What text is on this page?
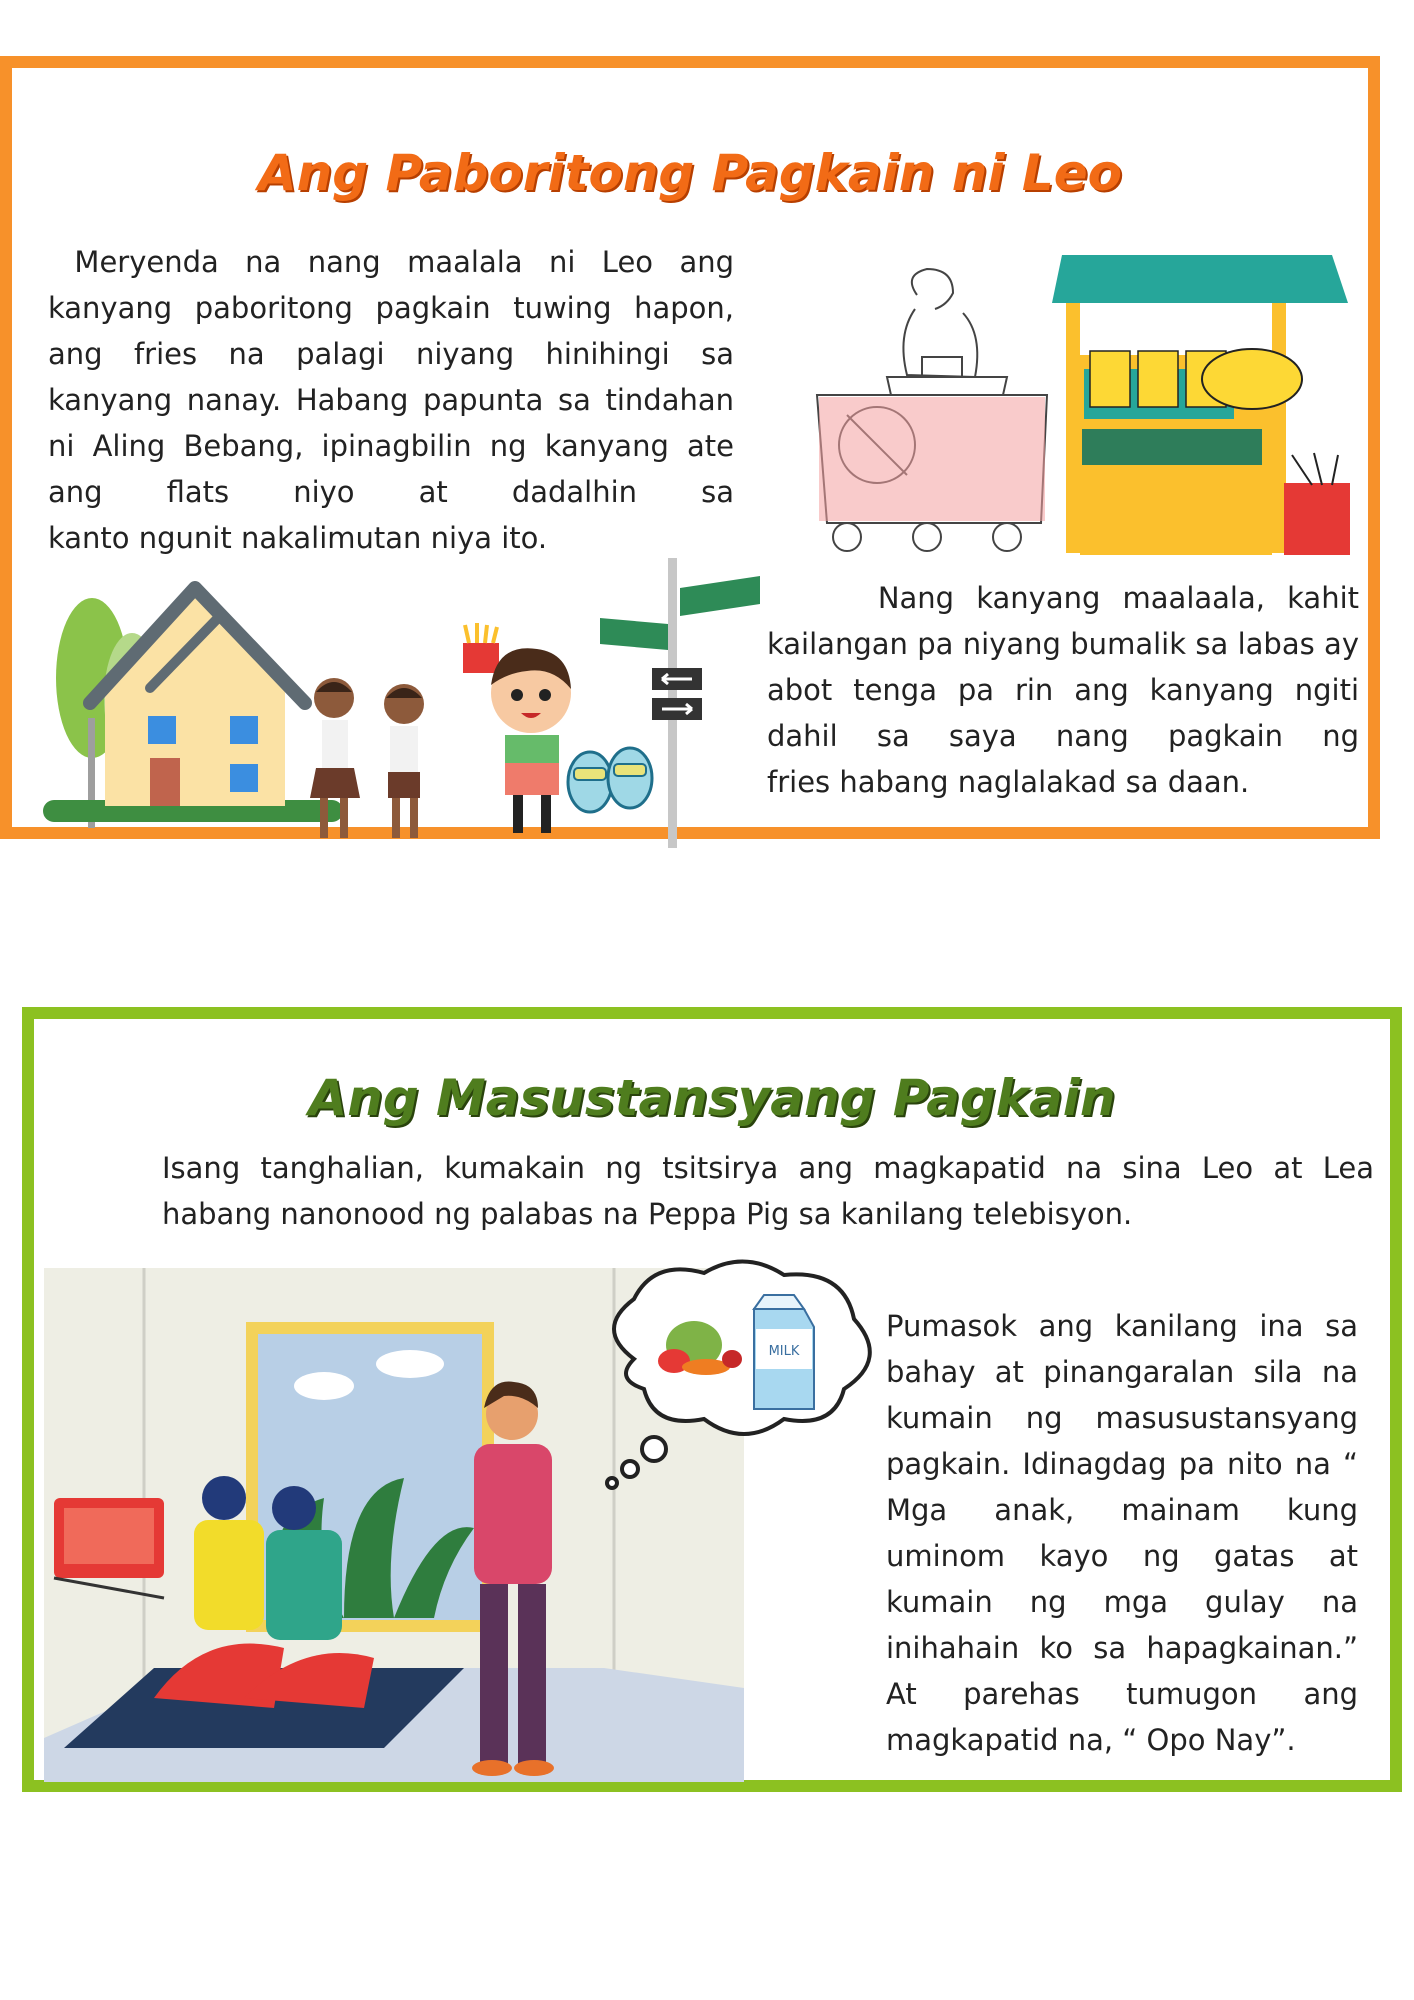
Ang Paboritong Pagkain ni Leo

Meryenda na nang maalala ni Leo ang kanyang paboritong pagkain tuwing hapon, ang fries na palagi niyang hinihingi sa kanyang nanay. Habang papunta sa tindahan ni Aling Bebang, ipinagbilin ng kanyang ate ang flats niyo at dadalhin sa
kanto ngunit nakalimutan niya ito.

Nang kanyang maalaala, kahit kailangan pa niyang bumalik sa labas ay abot tenga pa rin ang kanyang ngiti dahil sa saya nang pagkain ng
fries habang naglalakad sa daan.

Ang Masustansyang Pagkain

Isang tanghalian, kumakain ng tsitsirya ang magkapatid na sina Leo at Lea
habang nanonood ng palabas na Peppa Pig sa kanilang telebisyon.

Pumasok ang kanilang ina sa bahay at pinangaralan sila na kumain ng masusustansyang pagkain. Idinagdag pa nito na “ Mga anak, mainam kung uminom kayo ng gatas at kumain ng mga gulay na inihahain ko sa hapagkainan.” At parehas tumugon ang
magkapatid na, “ Opo Nay”.

MILK
